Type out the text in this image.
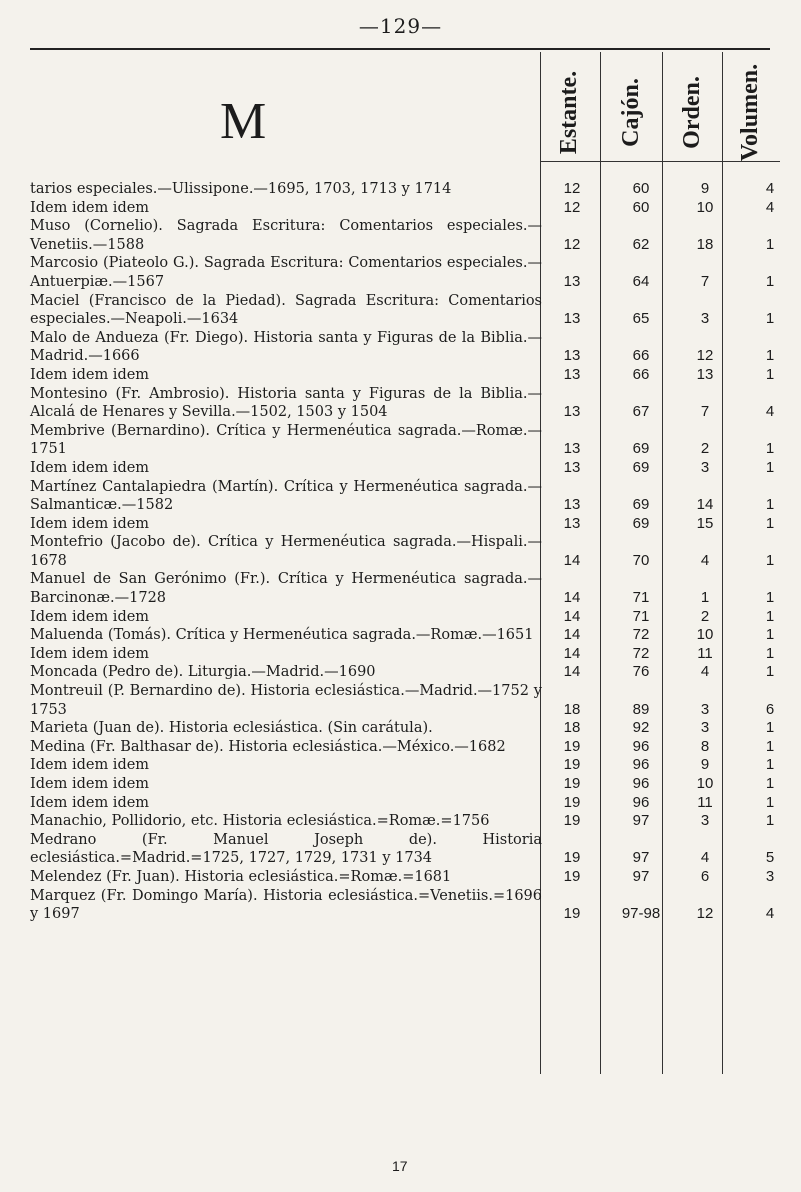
—129—
M	Estante. Cajón. Orden. Volumen.
tarios especiales.—Ulissipone.—1695, 1703, 1713 y 1714	12	60	9	4
Idem idem idem	12	60	10	4
Muso (Cornelio). Sagrada Escritura: Comentarios especiales.—Venetiis.—1588	12	62	18	1
Marcosio (Piateolo G.). Sagrada Escritura: Comentarios especiales.—Antuerpiæ.—1567	13	64	7	1
Maciel (Francisco de la Piedad). Sagrada Escritura: Comentarios especiales.—Neapoli.—1634	13	65	3	1
Malo de Andueza (Fr. Diego). Historia santa y Figuras de la Biblia.—Madrid.—1666	13	66	12	1
Idem idem idem	13	66	13	1
Montesino (Fr. Ambrosio). Historia santa y Figuras de la Biblia.—Alcalá de Henares y Sevilla.—1502, 1503 y 1504	13	67	7	4
Membrive (Bernardino). Crítica y Hermenéutica sagrada.—Romæ.—1751	13	69	2	1
Idem idem idem	13	69	3	1
Martínez Cantalapiedra (Martín). Crítica y Hermenéutica sagrada.—Salmanticæ.—1582	13	69	14	1
Idem idem idem	13	69	15	1
Montefrio (Jacobo de). Crítica y Hermenéutica sagrada.—Hispali.—1678	14	70	4	1
Manuel de San Gerónimo (Fr.). Crítica y Hermenéutica sagrada.—Barcinonæ.—1728	14	71	1	1
Idem idem idem	14	71	2	1
Maluenda (Tomás). Crítica y Hermenéutica sagrada.—Romæ.—1651	14	72	10	1
Idem idem idem	14	72	11	1
Moncada (Pedro de). Liturgia.—Madrid.—1690	14	76	4	1
Montreuil (P. Bernardino de). Historia eclesiástica.—Madrid.—1752 y 1753	18	89	3	6
Marieta (Juan de). Historia eclesiástica. (Sin carátula).	18	92	3	1
Medina (Fr. Balthasar de). Historia eclesiástica.—México.—1682	19	96	8	1
Idem idem idem	19	96	9	1
Idem idem idem	19	96	10	1
Idem idem idem	19	96	11	1
Manachio, Pollidorio, etc. Historia eclesiástica.=Romæ.=1756	19	97	3	1
Medrano (Fr. Manuel Joseph de). Historia eclesiástica.=Madrid.=1725, 1727, 1729, 1731 y 1734	19	97	4	5
Melendez (Fr. Juan). Historia eclesiástica.=Romæ.=1681	19	97	6	3
Marquez (Fr. Domingo María). Historia eclesiástica.=Venetiis.=1696 y 1697	19	97-98	12	4
17
